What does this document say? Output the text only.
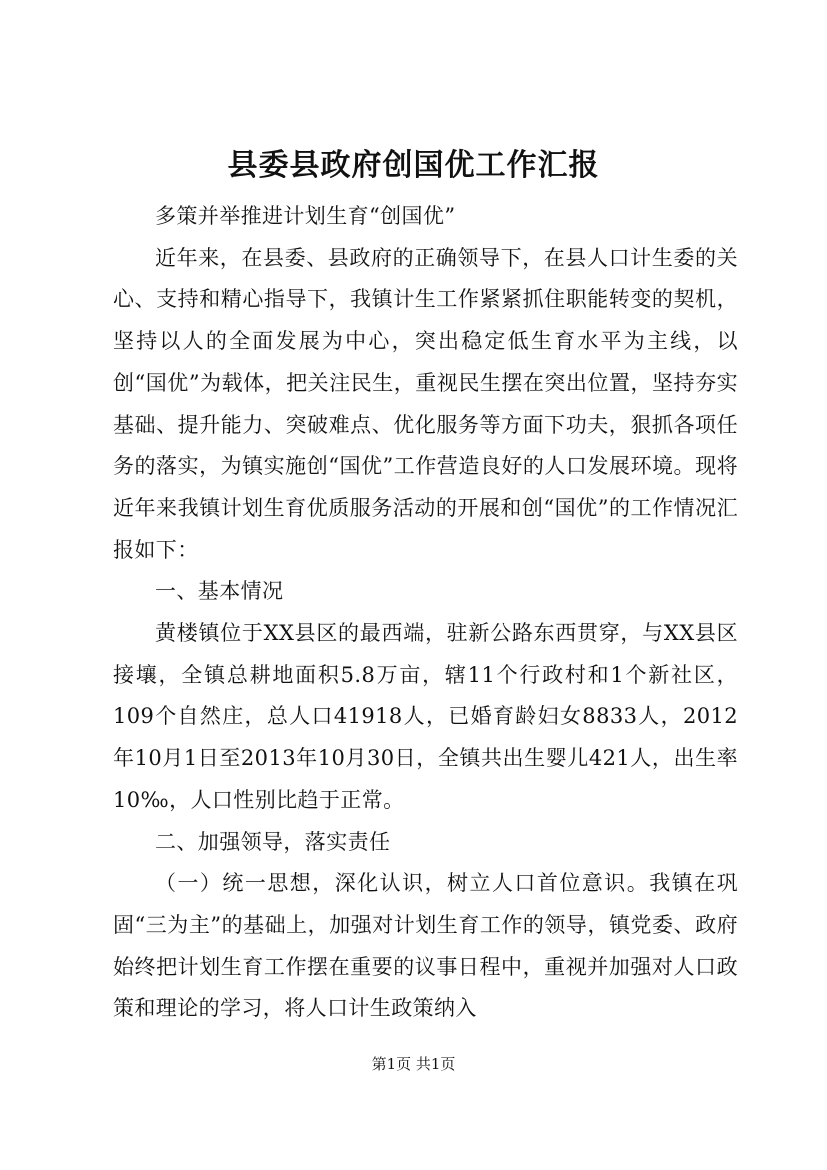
县委县政府创国优工作汇报

多策并举推进计划生育“创国优”

近年来，在县委、县政府的正确领导下，在县人口计生委的关心、支持和精心指导下，我镇计生工作紧紧抓住职能转变的契机，坚持以人的全面发展为中心，突出稳定低生育水平为主线，以创“国优”为载体，把关注民生，重视民生摆在突出位置，坚持夯实基础、提升能力、突破难点、优化服务等方面下功夫，狠抓各项任务的落实，为镇实施创“国优”工作营造良好的人口发展环境。现将近年来我镇计划生育优质服务活动的开展和创“国优”的工作情况汇报如下：

一、基本情况

黄楼镇位于XX县区的最西端，驻新公路东西贯穿，与XX县区接壤，全镇总耕地面积5.8万亩，辖11个行政村和1个新社区，109个自然庄，总人口41918人，已婚育龄妇女8833人，2012年10月1日至2013年10月30日，全镇共出生婴儿421人，出生率10‰，人口性别比趋于正常。

二、加强领导，落实责任

（一）统一思想，深化认识，树立人口首位意识。我镇在巩固“三为主”的基础上，加强对计划生育工作的领导，镇党委、政府始终把计划生育工作摆在重要的议事日程中，重视并加强对人口政策和理论的学习，将人口计生政策纳入

第1页 共1页
